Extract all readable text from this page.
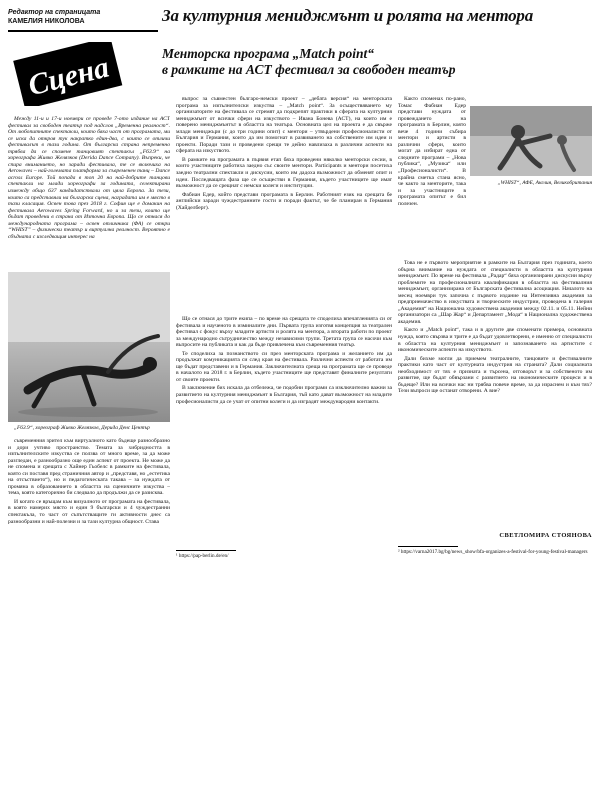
Редактор на страницата
КАМЕЛИЯ НИКОЛОВА
Сцена
За културния мениджмънт и ролята на ментора
Менторска програма „Match point“
в рамките на АСТ фестивал за свободен театър

Между 11-и и 17-и ноември се проведе 7-ото издание на АСТ фестивал за свободен театър под надслов „Временна реалност“. От любопитните спектакли, които бяха част от програмата, ми се иска да откроя тук накратко един-два, с които се отличи фестивалът в тази година. От българска страна непременно трябва да се спомене танцовият спектакъл „F63.9“ на хореографа Живко Желязков (Derida Dance Company). Въпреки, че спира вниманието, но заради фестивала, те се включиха на Aerowaves – най-големата платформа за съвременен танц – Dance across Europe. Той попада в топ 20 на най-добрите танцови спектакли на млади хореографи за годината, селектирани измежду общо 637 кандидатствали от цяла Европа. За тези, които са представяли на българска сцена, наградата им е място в тази класация. Освен това през 2018 г. София ще е домакин на фестивала Aerowaves Spring Forward, но и за тези, които ще бъдат проведени в страна от Източна Европа. Що се отнася до международната програма – освен отличника (ФА) се откри “WHIST” – физически театър и виртуална реалност. Вероятно е сбъдната с изследващия интерес на

„F63.9“, хореограф Живко Желязков, Дерида Денс Център

съвременния зрител към виртуалното като бъдеще разнообразно и дори учтиво пространство. Темата за хибридността в изпълнителските изкуства се ползва от много време, за да може разгледан, е разнообразно още един аспект от проекта. Не може да не спомена и срещата с Хайнер Гьобелс в рамките на фестивала, която си поставя пред страничния автор и „представя, но „естетика на отсъствието“), но и педагогическата такава – за нуждата от промяна в образованието в областта на сценичните изкуства – тема, която категорично би следвало да продължи да се разисква.

И когато се връщам към визуалното от програмата на фестивала, в която намерих място и един 9 български и 4 чуждестранни спектакъла, то част от съпътстващите ги активности днес са разнообразни и най-полезни и за тази културна общност. Става

въпрос за съвместен българо-немски проект – „дебата версия“ на менторската програма за изпълнителски изкуства – „Match point“. За осъществяването му организаторите на фестивала се стремят да подкрепят практики в сферата на културния мениджмънт от всички сфери на изкуството – Ивана Бонева (АСТ), на които им е поверено мениджмънтът в областта на театъра. Основната цел на проекта е да свърже млади мениджъри (с до три години опит) с ментори – утвърдени професионалисти от България и Германия, които да им помогнат в развиването на собствените им идеи и проекти. Поради тази и проведени срещи те дейно навлизаха в различни аспекти на сферата на изкуството.

В рамките на програмата в първия етап бяха проведени няколко менторски сесии, в които участниците работиха заедно със своите ментори. Participants и ментори посетиха заедно театрални спектакли и дискусии, които им дадоха възможност да обменят опит и идеи. Последващата фаза ще се осъществи в Германия, където участниците ще имат възможност да се срещнат с немски колеги и институции.

Фабиан Едер, който представи програмата в Берлин. Работният език на срещата бе английски заради чуждестранните гости и поради фактът, че бе планиран в Германия (Хайделберг).

Що се отнася до трите екипа – по време на срещата те споделиха впечатленията си от фестивала и наученото в изминалите дни. Първата група изготвя концепция за театрален фестивал с фокус върху младите артисти и ролята на ментора, а втората работи по проект за международно сътрудничество между независими трупи. Третата група се насочи към въпросите на публиката и как да бъде привлечена към съвременния театър.

Те споделиха за познанството си през менторската програма и желанието им да продължат комуникацията си след края на фестивала. Различни аспекти от работата им ще бъдат представени и в Германия. Заключителната среща на програмата ще се проведе в началото на 2018 г. в Берлин, където участниците ще представят финалните резултати от своите проекти.

В заключение бих искала да отбележа, че подобни програми са изключително важни за развитието на културния мениджмънт в България, тъй като дават възможност на младите професионалисти да се учат от опитни колеги и да изградят международни контакти.

¹ https://pap-berlin.de/en/

Както споменах по-рано, Томас Фабиан Едер представи нуждата от провеждането на програмата в Берлин, която вече 4 години събира ментори и артисти в различни сфери, които могат да избират една от следните програми – „Нова публика“, „Музика“ или „Професионалисти“. В крайна сметка стана ясно, че както за менторите, така и за участниците в програмата опитът е бил полезен.

„WHIST“, АФЕ, Англия, Великобритания

Това не е първото мероприятие в рамките на България през годината, което обърна внимание на нуждата от специалисти в областта на културния мениджмънт. По време на фестивала „Радар“ бяха организирани дискусии върху проблемите на професионалната квалификация в областта на фестивалния мениджмънт, организирана от Българската фестивална асоциация. Началото на месец ноември тук започна с първото издание на Интензивна академия за предприемачество в изкуствата и творческите индустрии, проведена в галерия „Академия“ на Национална художествена академия между 02.11. и 05.11. Нейни организатори са „Шар Жар“ и Департамент „Мода“ в Национална художествена академия.

Както и „Match point“, така и в другите две споменати примера, основната нужда, която свързва и трите е да бъдат удовлетворени, е именно от специалисти в областта на културния мениджмънт и запознаването на артистите с икономическите аспекти на изкуството.

Дали бихме могли да приемем театралните, танцовите и фестивалните практики като част от културната индустрия на страната? Дали социалната необходимост от тях е призната и търсена, отговорът и за собственото им развитие, ще бъдат обвързани с развитието на икономическите процеси и в бъдеще? Или на всички нас ни трябва повече време, за да израснем и към тях? Тези въпроси ще останат отворени. А вие?

СВЕТЛОМИРА СТОЯНОВА
² https://varna2017.bg/bg/news_show/bfa-organizes-a-festival-for-young-festival-managers
